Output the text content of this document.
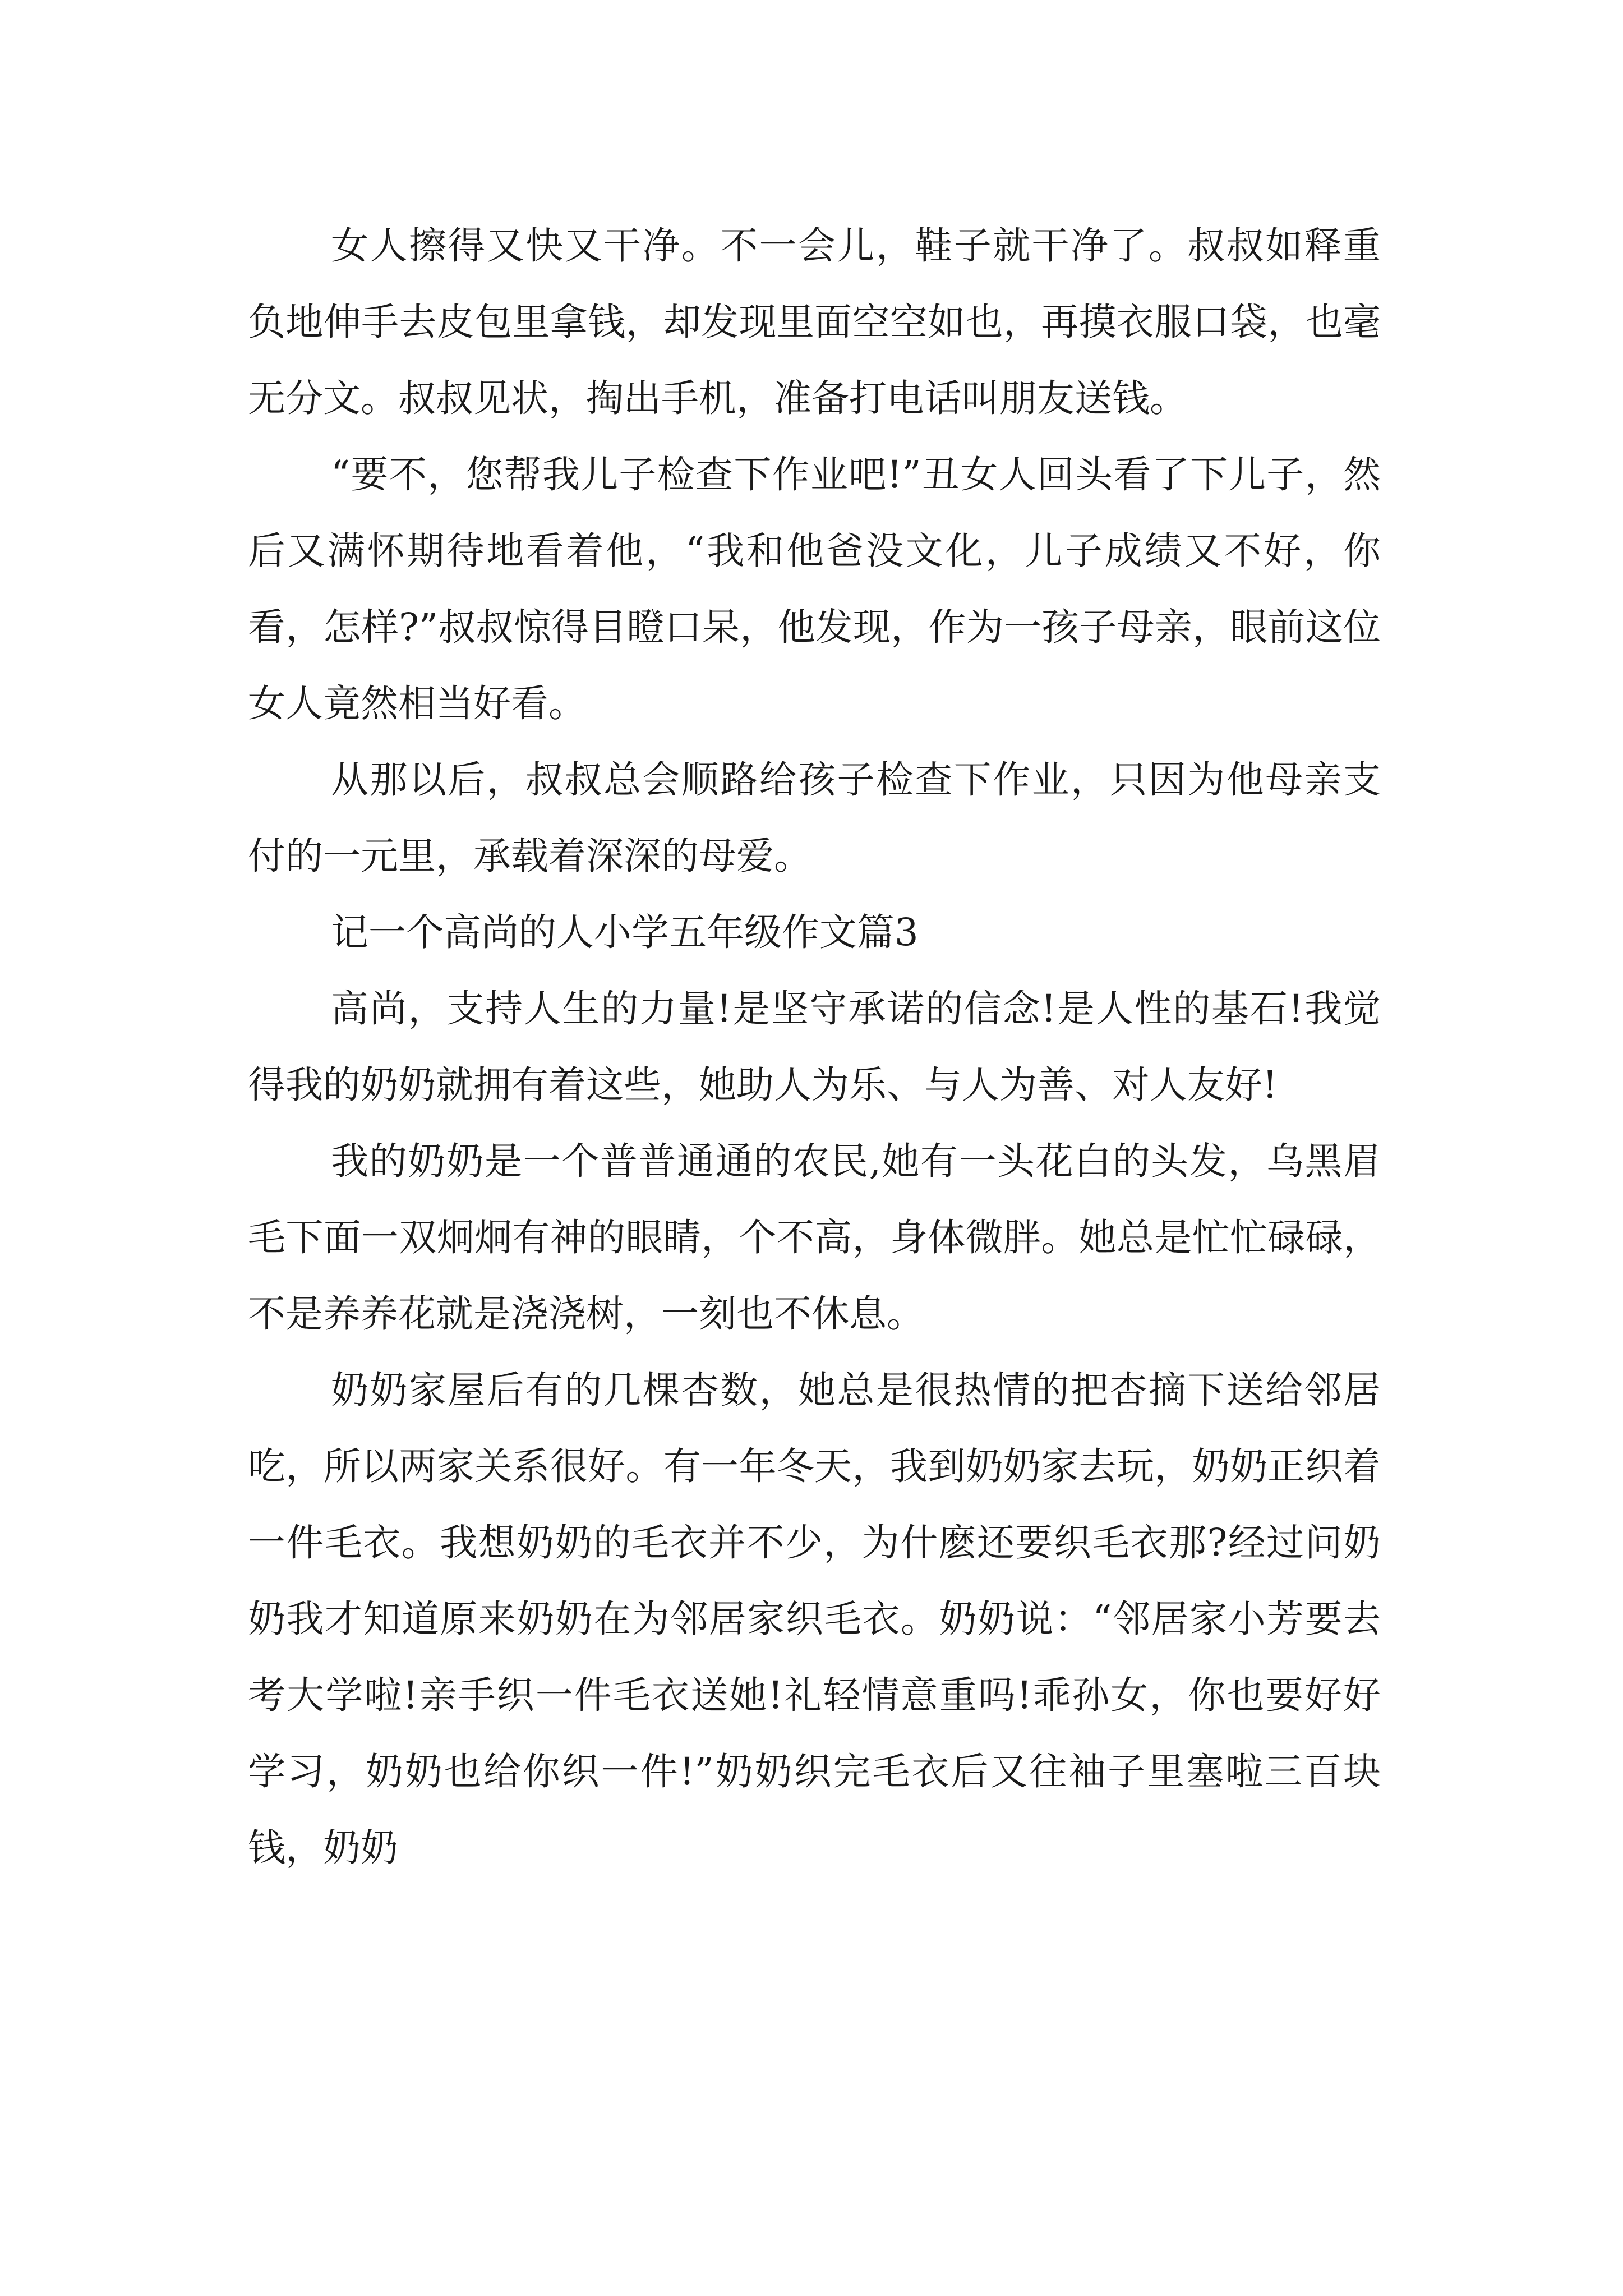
女人擦得又快又干净。不一会儿，鞋子就干净了。叔叔如释重负地伸手去皮包里拿钱，却发现里面空空如也，再摸衣服口袋，也毫无分文。叔叔见状，掏出手机，准备打电话叫朋友送钱。

“要不，您帮我儿子检查下作业吧!”丑女人回头看了下儿子，然后又满怀期待地看着他，“我和他爸没文化，儿子成绩又不好，你看，怎样?”叔叔惊得目瞪口呆，他发现，作为一孩子母亲，眼前这位女人竟然相当好看。

从那以后，叔叔总会顺路给孩子检查下作业，只因为他母亲支付的一元里，承载着深深的母爱。

记一个高尚的人小学五年级作文篇3

高尚，支持人生的力量!是坚守承诺的信念!是人性的基石!我觉得我的奶奶就拥有着这些，她助人为乐、与人为善、对人友好!

我的奶奶是一个普普通通的农民,她有一头花白的头发，乌黑眉毛下面一双炯炯有神的眼睛，个不高，身体微胖。她总是忙忙碌碌，不是养养花就是浇浇树，一刻也不休息。

奶奶家屋后有的几棵杏数，她总是很热情的把杏摘下送给邻居吃，所以两家关系很好。有一年冬天，我到奶奶家去玩，奶奶正织着一件毛衣。我想奶奶的毛衣并不少，为什麽还要织毛衣那?经过问奶奶我才知道原来奶奶在为邻居家织毛衣。奶奶说：“邻居家小芳要去考大学啦!亲手织一件毛衣送她!礼轻情意重吗!乖孙女，你也要好好学习，奶奶也给你织一件!”奶奶织完毛衣后又往袖子里塞啦三百块钱，奶奶
